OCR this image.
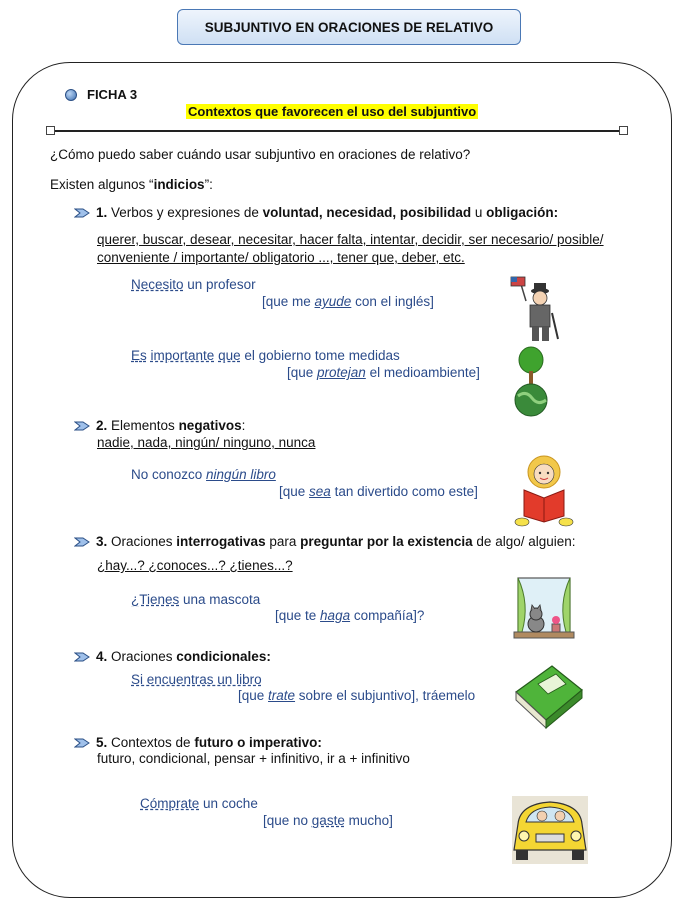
SUBJUNTIVO EN ORACIONES DE RELATIVO
FICHA 3
Contextos que favorecen el uso del subjuntivo
¿Cómo puedo saber cuándo usar subjuntivo en oraciones de relativo?
Existen algunos “indicios”:
1. Verbos y expresiones de voluntad, necesidad, posibilidad u obligación:
querer, buscar, desear, necesitar, hacer falta, intentar, decidir, ser necesario/ posible/
conveniente / importante/ obligatorio ..., tener que, deber, etc.
Necesito un profesor
[que me ayude con el inglés]
Es importante que el gobierno tome medidas
[que protejan el medioambiente]
2. Elementos negativos:
nadie, nada, ningún/ ninguno, nunca
No conozco ningún libro
[que sea tan divertido como este]
3. Oraciones interrogativas para preguntar por la existencia de algo/ alguien:
¿hay...? ¿conoces...? ¿tienes...?
¿Tienes una mascota
[que te haga compañía]?
4. Oraciones condicionales:
Si encuentras un libro
[que trate sobre el subjuntivo], tráemelo
5. Contextos de futuro o imperativo:
futuro, condicional, pensar + infinitivo, ir a + infinitivo
Cómprate un coche
[que no gaste mucho]
